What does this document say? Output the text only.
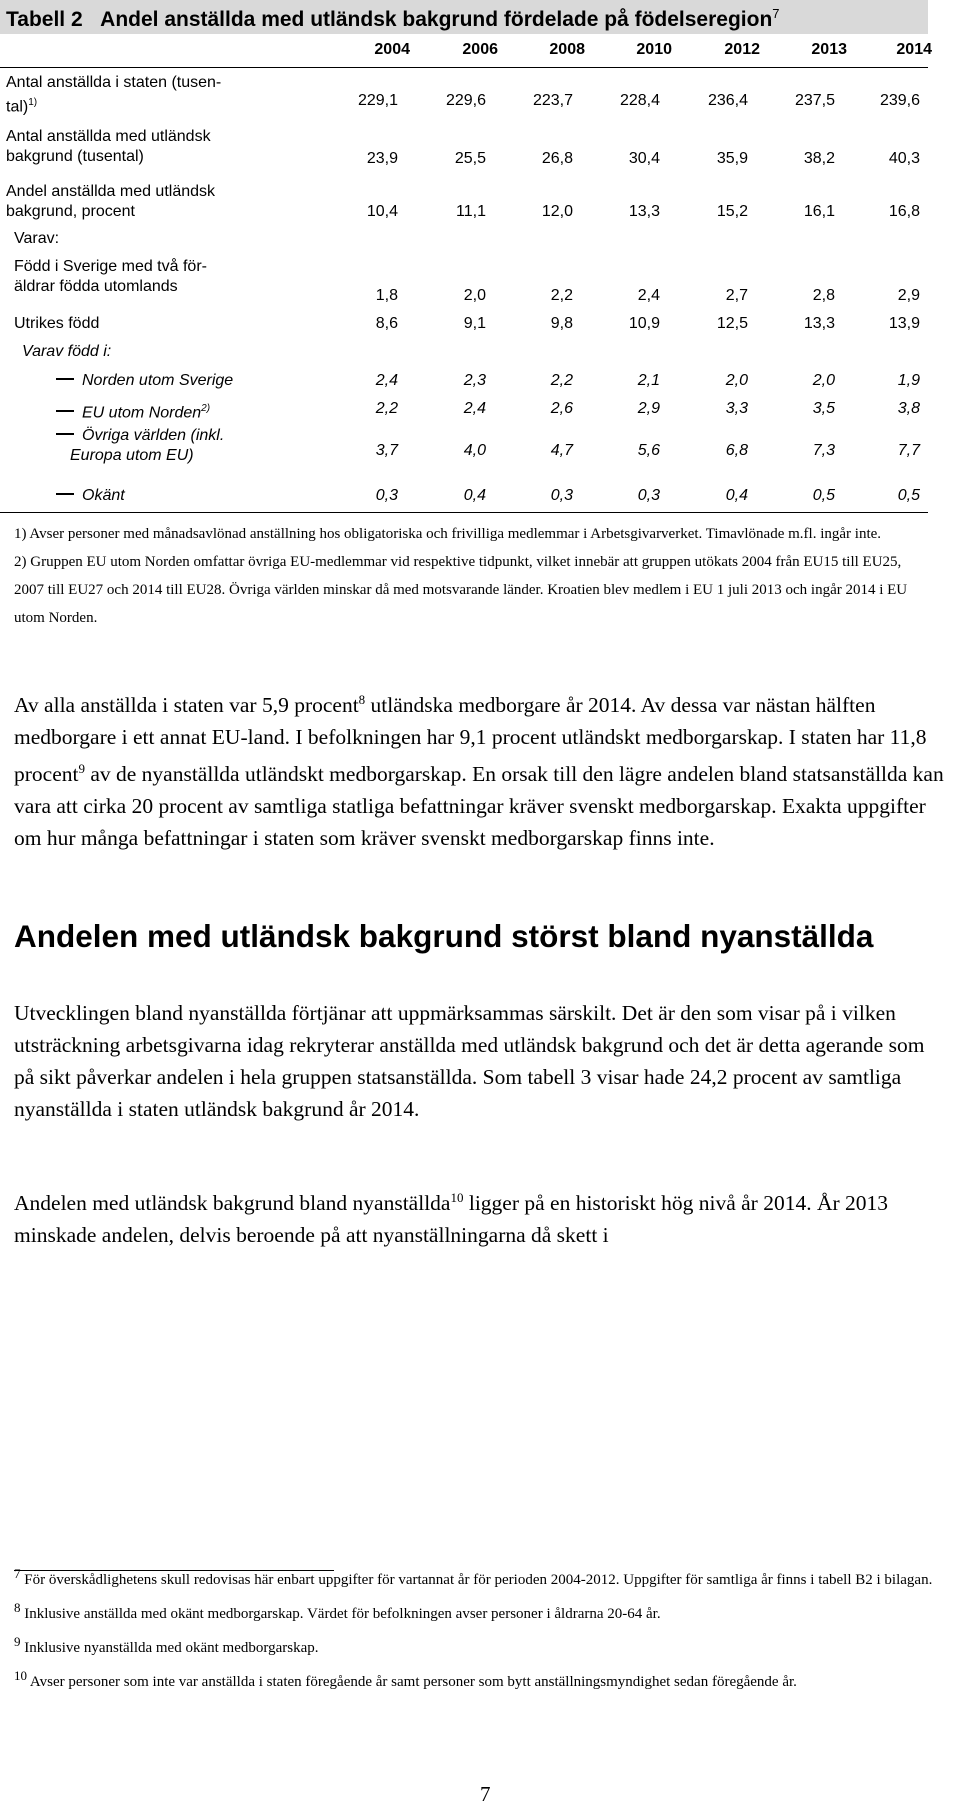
Tabell 2 Andel anställda med utländsk bakgrund fördelade på födelseregion$^7$
2004	2006	2008	2010	2012	2013	2014
Antal anställda i staten (tusen-
tal)$^{1)}$	229,1	229,6	223,7	228,4	236,4	237,5	239,6
Antal anställda med utländsk
bakgrund (tusental)	23,9	25,5	26,8	30,4	35,9	38,2	40,3
Andel anställda med utländsk
bakgrund, procent	10,4	11,1	12,0	13,3	15,2	16,1	16,8
Varav:
Född i Sverige med två för-
äldrar födda utomlands
1,8	2,0	2,2	2,4	2,7	2,8	2,9
Utrikes född	8,6	9,1	9,8	10,9	12,5	13,3	13,9
Varav född i:
Norden utom Sverige	2,4	2,3	2,2	2,1	2,0	2,0	1,9
EU utom Norden$^{2)}$	2,2	2,4	2,6	2,9	3,3	3,5	3,8
Övriga världen (inkl.
Europa utom EU)	3,7	4,0	4,7	5,6	6,8	7,3	7,7
Okänt	0,3	0,4	0,3	0,3	0,4	0,5	0,5

1) Avser personer med månadsavlönad anställning hos obligatoriska och frivilliga medlemmar i Arbetsgivarverket. Timavlönade m.fl. ingår inte.

2) Gruppen EU utom Norden omfattar övriga EU-medlemmar vid respektive tidpunkt, vilket innebär att gruppen utökats 2004 från EU15 till EU25, 2007 till EU27 och 2014 till EU28. Övriga världen minskar då med motsvarande länder. Kroatien blev medlem i EU 1 juli 2013 och ingår 2014 i EU utom Norden.

Av alla anställda i staten var 5,9 procent$^8$ utländska medborgare år 2014. Av dessa var nästan hälften medborgare i ett annat EU-land. I befolkningen har 9,1 procent utländskt medborgarskap. I staten har 11,8 procent$^9$ av de nyanställda utländskt medborgarskap. En orsak till den lägre andelen bland statsanställda kan vara att cirka 20 procent av samtliga statliga befattningar kräver svenskt medborgarskap. Exakta uppgifter om hur många befattningar i staten som kräver svenskt medborgarskap finns inte.

Andelen med utländsk bakgrund störst bland nyanställda

Utvecklingen bland nyanställda förtjänar att uppmärksammas särskilt. Det är den som visar på i vilken utsträckning arbetsgivarna idag rekryterar anställda med utländsk bakgrund och det är detta agerande som på sikt påverkar andelen i hela gruppen statsanställda. Som tabell 3 visar hade 24,2 procent av samtliga nyanställda i staten utländsk bakgrund år 2014.

Andelen med utländsk bakgrund bland nyanställda$^{10}$ ligger på en historiskt hög nivå år 2014. År 2013 minskade andelen, delvis beroende på att nyanställningarna då skett i

$^7$ För överskådlighetens skull redovisas här enbart uppgifter för vartannat år för perioden 2004-2012. Uppgifter för samtliga år finns i tabell B2 i bilagan.
$^8$ Inklusive anställda med okänt medborgarskap. Värdet för befolkningen avser personer i åldrarna 20-64 år.
$^9$ Inklusive nyanställda med okänt medborgarskap.
$^{10}$ Avser personer som inte var anställda i staten föregående år samt personer som bytt anställningsmyndighet sedan föregående år.
7
